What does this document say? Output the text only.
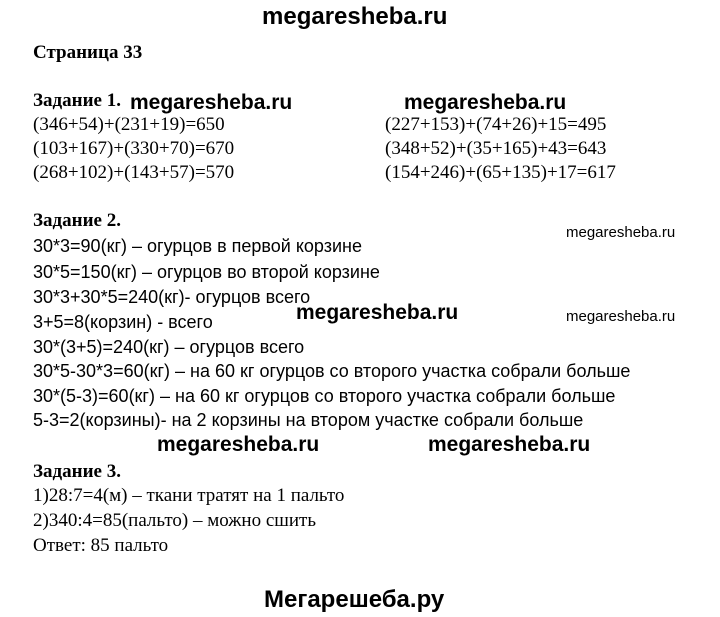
megaresheba.ru
Страница 33
Задание 1. megaresheba.ru	megaresheba.ru
(346+54)+(231+19)=650
(103+167)+(330+70)=670
(268+102)+(143+57)=570
(227+153)+(74+26)+15=495
(348+52)+(35+165)+43=643
(154+246)+(65+135)+17=617
Задание 2.
megaresheba.ru
30*3=90(кг) – огурцов в первой корзине
30*5=150(кг) – огурцов во второй корзине
30*3+30*5=240(кг)- огурцов всего
3+5=8(корзин) - всего	megaresheba.ru	megaresheba.ru
30*(3+5)=240(кг) – огурцов всего
30*5-30*3=60(кг) – на 60 кг огурцов со второго участка собрали больше
30*(5-3)=60(кг) – на 60 кг огурцов со второго участка собрали больше
5-3=2(корзины)- на 2 корзины на втором участке собрали больше
megaresheba.ru	megaresheba.ru
Задание 3.
1)28:7=4(м) – ткани тратят на 1 пальто
2)340:4=85(пальто) – можно сшить
Ответ: 85 пальто
Мегарешеба.ру
